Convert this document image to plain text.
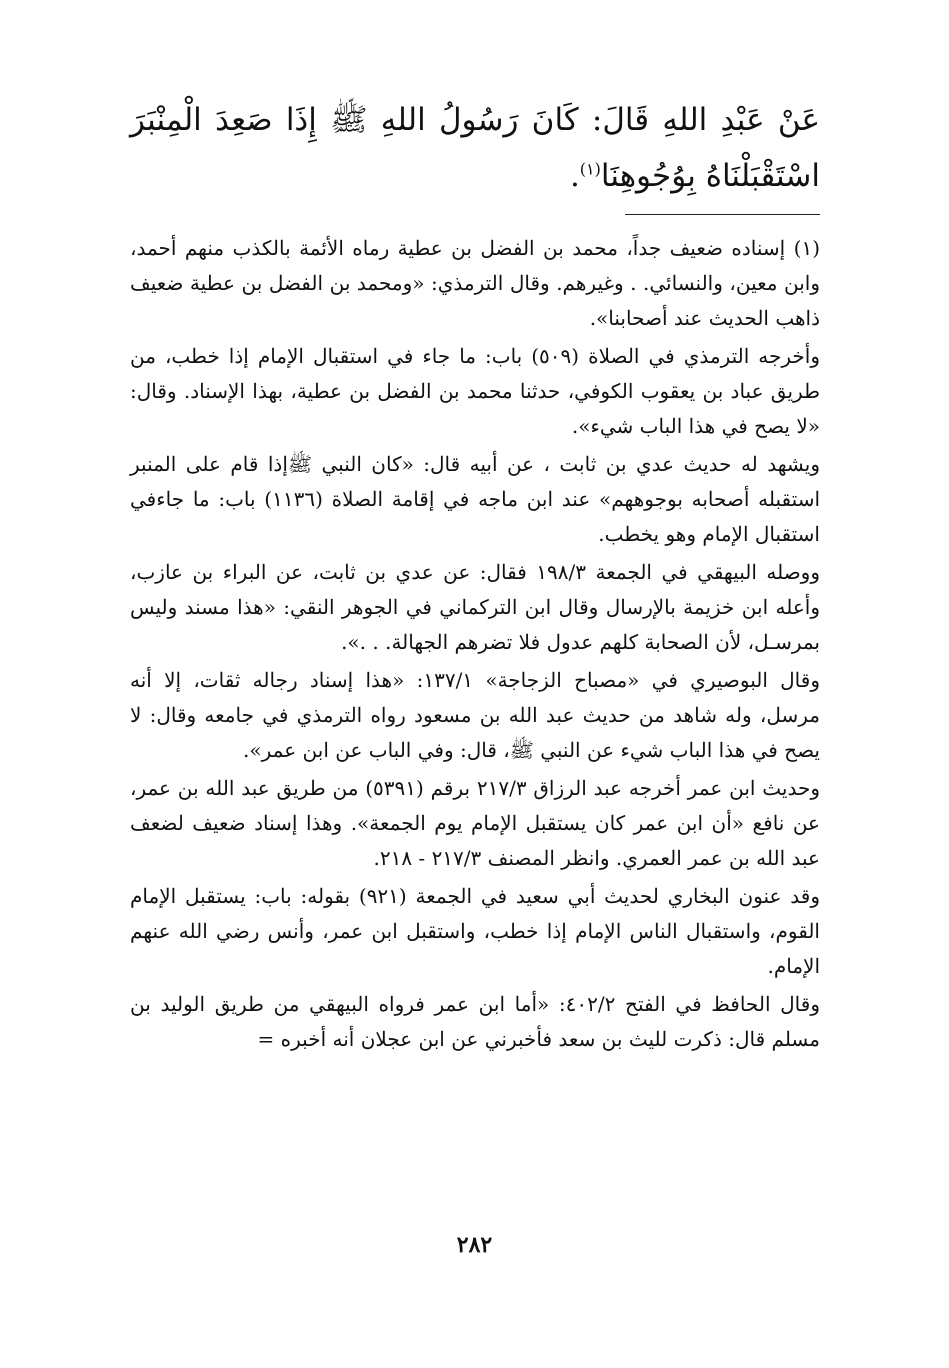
عَنْ عَبْدِ اللهِ قَالَ: كَانَ رَسُولُ اللهِ ﷺ إِذَا صَعِدَ الْمِنْبَرَ اسْتَقْبَلْنَاهُ بِوُجُوهِنَا$^{(١)}$.

(١) إسناده ضعيف جداً، محمد بن الفضل بن عطية رماه الأئمة بالكذب منهم أحمد، وابن معين، والنسائي. . وغيرهم. وقال الترمذي: «ومحمد بن الفضل بن عطية ضعيف ذاهب الحديث عند أصحابنا».

وأخرجه الترمذي في الصلاة (٥٠٩) باب: ما جاء في استقبال الإمام إذا خطب، من طريق عباد بن يعقوب الكوفي، حدثنا محمد بن الفضل بن عطية، بهذا الإسناد. وقال: «لا يصح في هذا الباب شيء».

ويشهد له حديث عدي بن ثابت ، عن أبيه قال: «كان النبي ﷺإذا قام على المنبر استقبله أصحابه بوجوههم» عند ابن ماجه في إقامة الصلاة (١١٣٦) باب: ما جاءفي استقبال الإمام وهو يخطب.

ووصله البيهقي في الجمعة ١٩٨/٣ فقال: عن عدي بن ثابت، عن البراء بن عازب، وأعله ابن خزيمة بالإرسال وقال ابن التركماني في الجوهر النقي: «هذا مسند وليس بمرسـل، لأن الصحابة كلهم عدول فلا تضرهم الجهالة. . .».

وقال البوصيري في «مصباح الزجاجة» ١٣٧/١: «هذا إسناد رجاله ثقات، إلا أنه مرسل، وله شاهد من حديث عبد الله بن مسعود رواه الترمذي في جامعه وقال: لا يصح في هذا الباب شيء عن النبي ﷺ، قال: وفي الباب عن ابن عمر».

وحديث ابن عمر أخرجه عبد الرزاق ٢١٧/٣ برقم (٥٣٩١) من طريق عبد الله بن عمر، عن نافع «أن ابن عمر كان يستقبل الإمام يوم الجمعة». وهذا إسناد ضعيف لضعف عبد الله بن عمر العمري. وانظر المصنف ٢١٧/٣ - ٢١٨.

وقد عنون البخاري لحديث أبي سعيد في الجمعة (٩٢١) بقوله: باب: يستقبل الإمام القوم، واستقبال الناس الإمام إذا خطب، واستقبل ابن عمر، وأنس رضي الله عنهم الإمام.

وقال الحافظ في الفتح ٤٠٢/٢: «أما ابن عمر فرواه البيهقي من طريق الوليد بن مسلم قال: ذكرت لليث بن سعد فأخبرني عن ابن عجلان أنه أخبره =

٢٨٢
